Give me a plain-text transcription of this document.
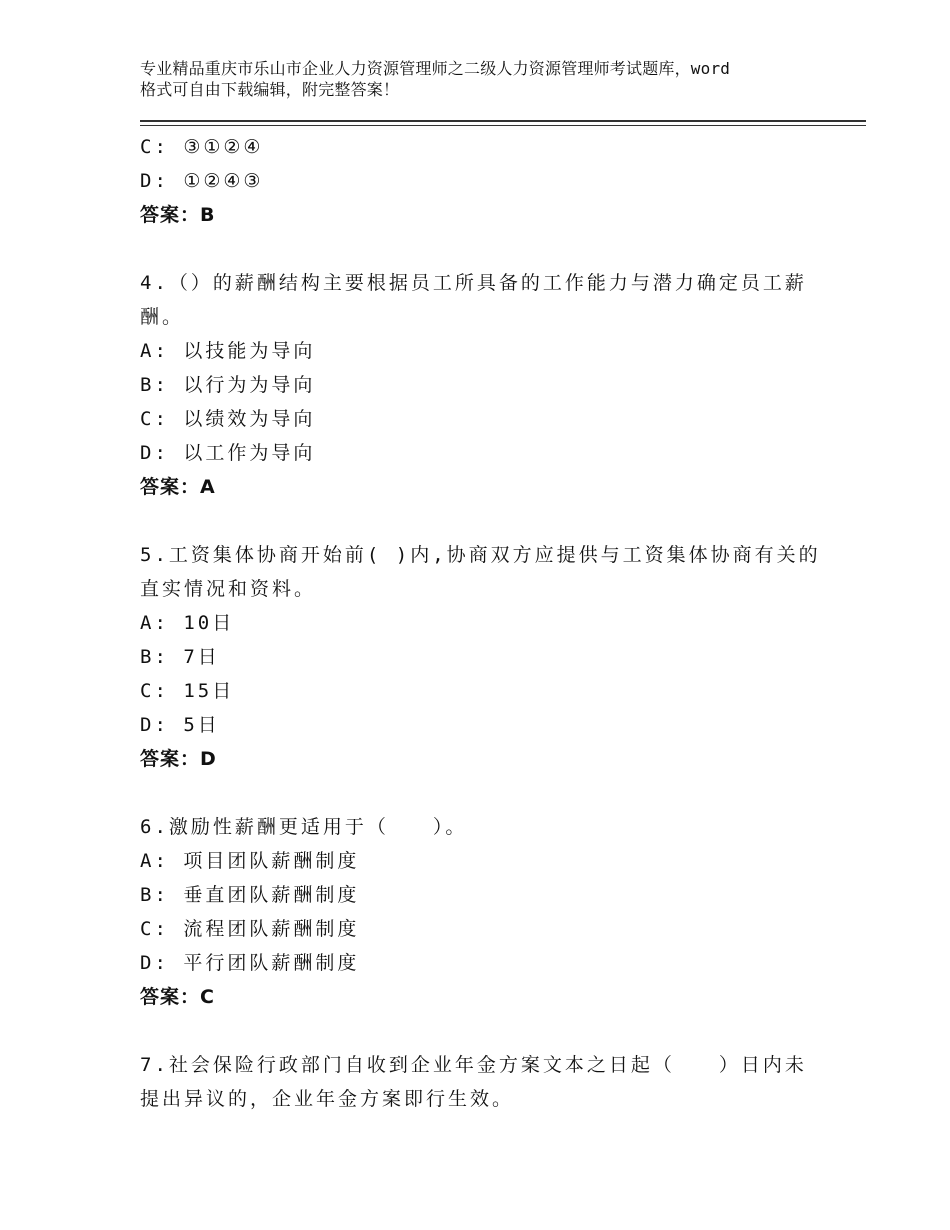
专业精品重庆市乐山市企业人力资源管理师之二级人力资源管理师考试题库，word
格式可自由下载编辑，附完整答案！
C: ③①②④
D: ①②④③
答案：B
4.（）的薪酬结构主要根据员工所具备的工作能力与潜力确定员工薪
酬。
A: 以技能为导向
B: 以行为为导向
C: 以绩效为导向
D: 以工作为导向
答案：A
5.工资集体协商开始前( )内,协商双方应提供与工资集体协商有关的
直实情况和资料。
A: 10日
B: 7日
C: 15日
D: 5日
答案：D
6.激励性薪酬更适用于（　　）。
A: 项目团队薪酬制度
B: 垂直团队薪酬制度
C: 流程团队薪酬制度
D: 平行团队薪酬制度
答案：C
7.社会保险行政部门自收到企业年金方案文本之日起（　　）日内未
提出异议的，企业年金方案即行生效。
